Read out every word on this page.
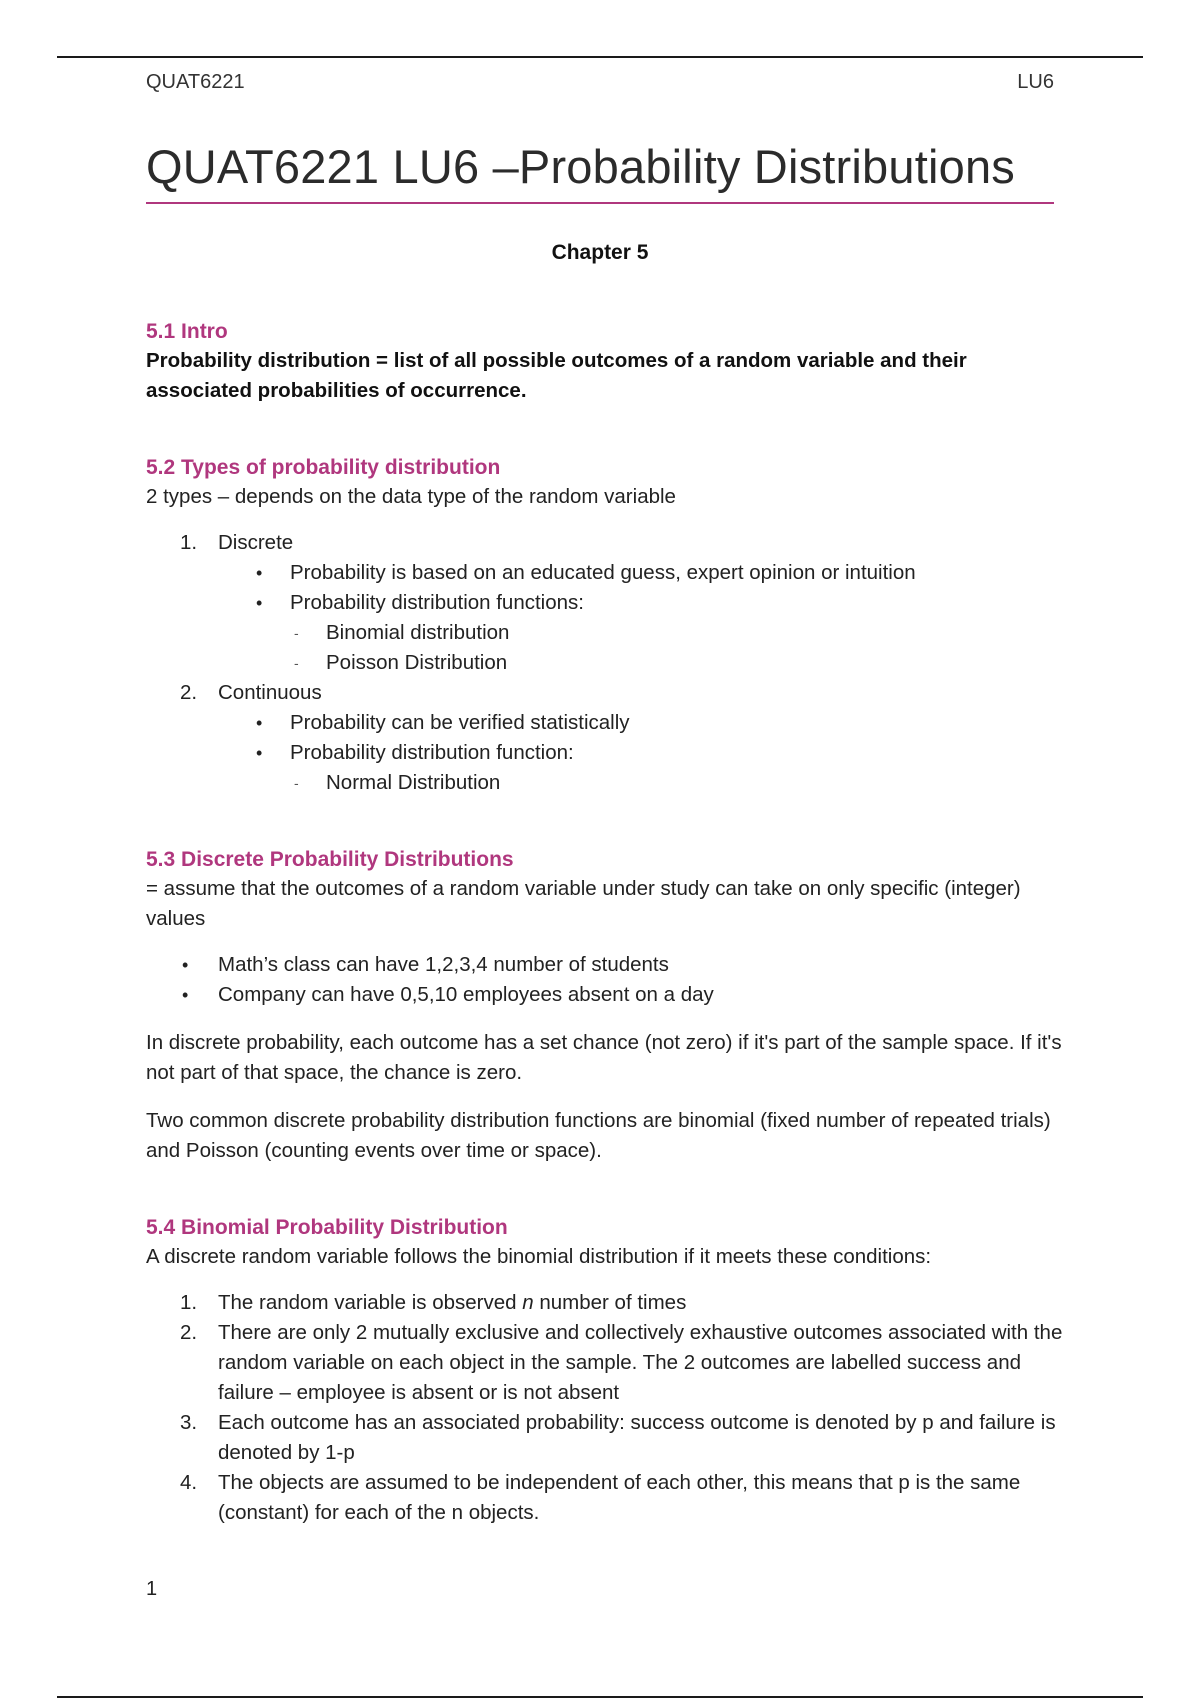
QUAT6221	LU6
QUAT6221 LU6 –Probability Distributions
Chapter 5
5.1 Intro

Probability distribution = list of all possible outcomes of a random variable and their
associated probabilities of occurrence.

5.2 Types of probability distribution

2 types – depends on the data type of the random variable

1. Discrete
• Probability is based on an educated guess, expert opinion or intuition
• Probability distribution functions:
- Binomial distribution
- Poisson Distribution
2. Continuous
• Probability can be verified statistically
• Probability distribution function:
- Normal Distribution
5.3 Discrete Probability Distributions

= assume that the outcomes of a random variable under study can take on only specific (integer) values

• Math’s class can have 1,2,3,4 number of students
• Company can have 0,5,10 employees absent on a day

In discrete probability, each outcome has a set chance (not zero) if it's part of the sample space. If it's not part of that space, the chance is zero.

Two common discrete probability distribution functions are binomial (fixed number of repeated trials) and Poisson (counting events over time or space).

5.4 Binomial Probability Distribution

A discrete random variable follows the binomial distribution if it meets these conditions:

1. The random variable is observed n number of times
2. There are only 2 mutually exclusive and collectively exhaustive outcomes associated with the random variable on each object in the sample. The 2 outcomes are labelled success and failure – employee is absent or is not absent
3. Each outcome has an associated probability: success outcome is denoted by p and failure is denoted by 1-p
4. The objects are assumed to be independent of each other, this means that p is the same (constant) for each of the n objects.
1
